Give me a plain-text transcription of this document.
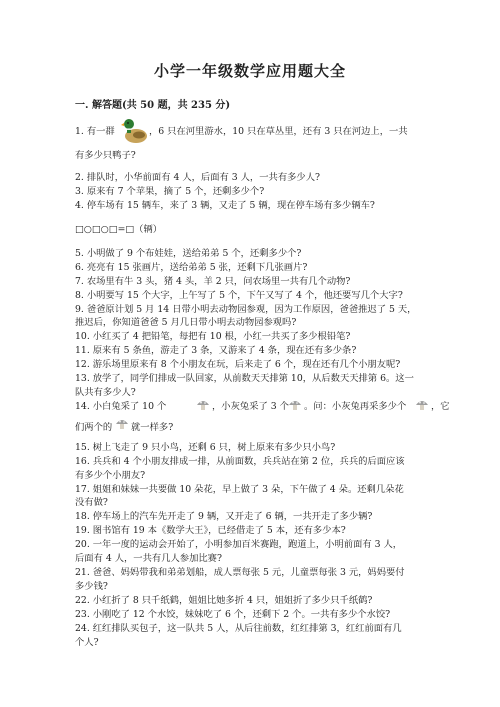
小学一年级数学应用题大全
一. 解答题(共 50 题，共 235 分)
1. 有一群	，6 只在河里游水，10 只在草丛里，还有 3 只在河边上，一共
有多少只鸭子?
2. 排队时，小华前面有 4 人，后面有 3 人，一共有多少人?
3. 原来有 7 个苹果，摘了 5 个，还剩多少个?
4. 停车场有 15 辆车，来了 3 辆，又走了 5 辆，现在停车场有多少辆车?
□○□○□=□（辆）
5. 小明做了 9 个布娃娃，送给弟弟 5 个，还剩多少个?
6. 亮亮有 15 张画片，送给弟弟 5 张，还剩下几张画片?
7. 农场里有牛 3 头，猪 4 头，羊 2 只，问农场里一共有几个动物?
8. 小明要写 15 个大字，上午写了 5 个，下午又写了 4 个，他还要写几个大字?
9. 爸爸原计划 5 月 14 日带小明去动物园参观，因为工作原因，爸爸推迟了 5 天，
推迟后，你知道爸爸 5 月几日带小明去动物园参观吗?
10. 小红买了 4 把铅笔，每把有 10 根，小红一共买了多少根铅笔?
11. 原来有 5 条鱼，游走了 3 条，又游来了 4 条，现在还有多少条?
12. 游乐场里原来有 8 个小朋友在玩，后来走了 6 个，现在还有几个小朋友呢?
13. 放学了，同学们排成一队回家，从前数天天排第 10，从后数天天排第 6。这一
队共有多少人?
14. 小白兔采了 10 个	，小灰兔采了 3 个 。问：小灰兔再采多少个	，它
们两个的 就一样多?
15. 树上飞走了 9 只小鸟，还剩 6 只，树上原来有多少只小鸟?
16. 兵兵和 4 个小朋友排成一排，从前面数，兵兵站在第 2 位，兵兵的后面应该
有多少个小朋友?
17. 姐姐和妹妹一共要做 10 朵花，早上做了 3 朵，下午做了 4 朵。还剩几朵花
没有做?
18. 停车场上的汽车先开走了 9 辆，又开走了 6 辆，一共开走了多少辆?
19. 图书馆有 19 本《数学大王》，已经借走了 5 本，还有多少本?
20. 一年一度的运动会开始了，小明参加百米赛跑，跑道上，小明前面有 3 人，
后面有 4 人，一共有几人参加比赛?
21. 爸爸、妈妈带我和弟弟划船，成人票每张 5 元，儿童票每张 3 元，妈妈要付
多少钱?
22. 小红折了 8 只千纸鹤，姐姐比她多折 4 只，姐姐折了多少只千纸鹤?
23. 小刚吃了 12 个水饺，妹妹吃了 6 个，还剩下 2 个。一共有多少个水饺?
24. 红红排队买包子，这一队共 5 人，从后往前数，红红排第 3，红红前面有几
个人?
